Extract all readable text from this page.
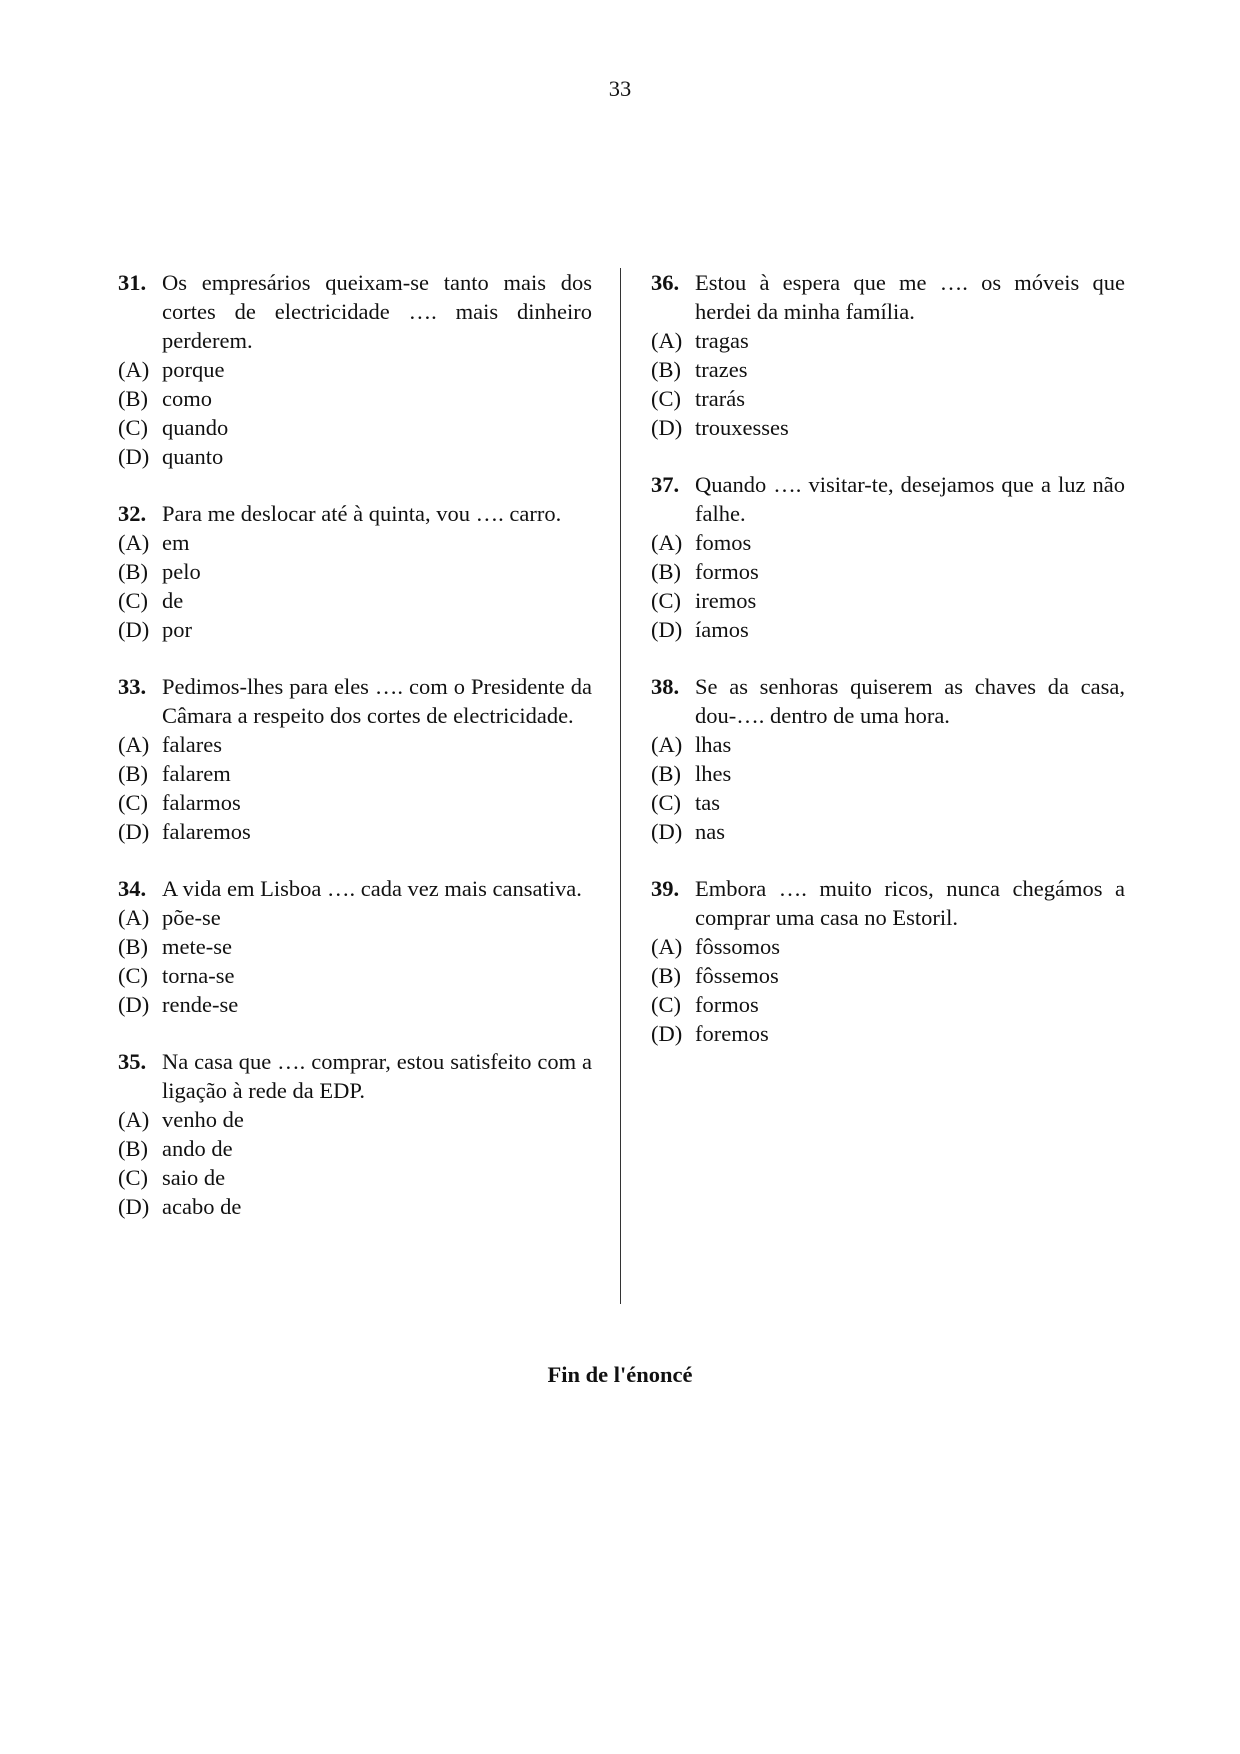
33
31. Os empresários queixam-se tanto mais dos cortes de electricidade …. mais dinheiro perderem.
(A) porque
(B) como
(C) quando
(D) quanto
32. Para me deslocar até à quinta, vou …. carro.
(A) em
(B) pelo
(C) de
(D) por
33. Pedimos-lhes para eles …. com o Presidente da Câmara a respeito dos cortes de electricidade.
(A) falares
(B) falarem
(C) falarmos
(D) falaremos
34. A vida em Lisboa …. cada vez mais cansativa.
(A) põe-se
(B) mete-se
(C) torna-se
(D) rende-se
35. Na casa que …. comprar, estou satisfeito com a ligação à rede da EDP.
(A) venho de
(B) ando de
(C) saio de
(D) acabo de
36. Estou à espera que me …. os móveis que herdei da minha família.
(A) tragas
(B) trazes
(C) trarás
(D) trouxesses
37. Quando …. visitar-te, desejamos que a luz não falhe.
(A) fomos
(B) formos
(C) iremos
(D) íamos
38. Se as senhoras quiserem as chaves da casa, dou-…. dentro de uma hora.
(A) lhas
(B) lhes
(C) tas
(D) nas
39. Embora …. muito ricos, nunca chegámos a comprar uma casa no Estoril.
(A) fôssomos
(B) fôssemos
(C) formos
(D) foremos
Fin de l'énoncé
